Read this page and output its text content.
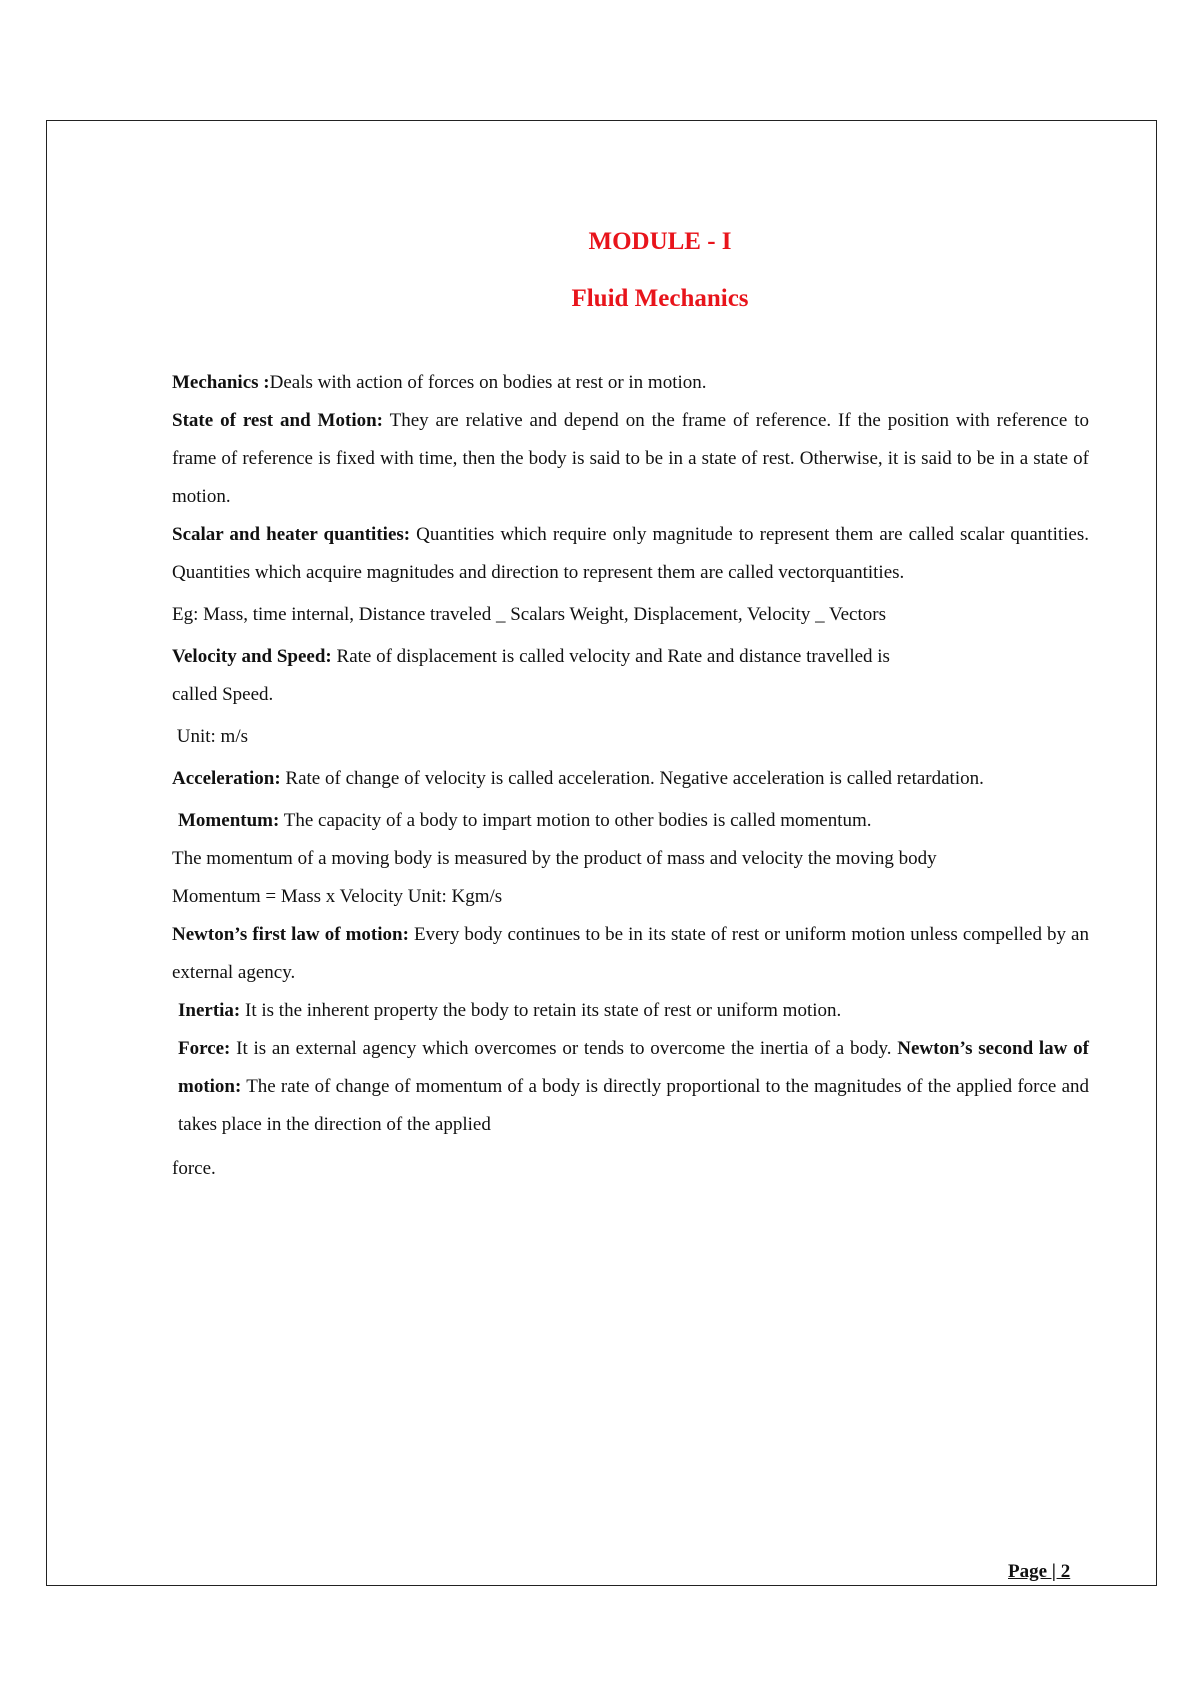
MODULE - I
Fluid Mechanics

Mechanics :Deals with action of forces on bodies at rest or in motion.

State of rest and Motion: They are relative and depend on the frame of reference. If the position with reference to frame of reference is fixed with time, then the body is said to be in a state of rest. Otherwise, it is said to be in a state of motion.

Scalar and heater quantities: Quantities which require only magnitude to represent them are called scalar quantities. Quantities which acquire magnitudes and direction to represent them are called vectorquantities.

Eg: Mass, time internal, Distance traveled _ Scalars Weight, Displacement, Velocity _ Vectors

Velocity and Speed: Rate of displacement is called velocity and Rate and distance travelled is

called Speed.

Unit: m/s

Acceleration: Rate of change of velocity is called acceleration. Negative acceleration is called retardation.

Momentum: The capacity of a body to impart motion to other bodies is called momentum.

The momentum of a moving body is measured by the product of mass and velocity the moving body

Momentum = Mass x Velocity Unit: Kgm/s

Newton’s first law of motion: Every body continues to be in its state of rest or uniform motion unless compelled by an external agency.

Inertia: It is the inherent property the body to retain its state of rest or uniform motion.

Force: It is an external agency which overcomes or tends to overcome the inertia of a body. Newton’s second law of motion: The rate of change of momentum of a body is directly proportional to the magnitudes of the applied force and takes place in the direction of the applied

force.

Page | 2
